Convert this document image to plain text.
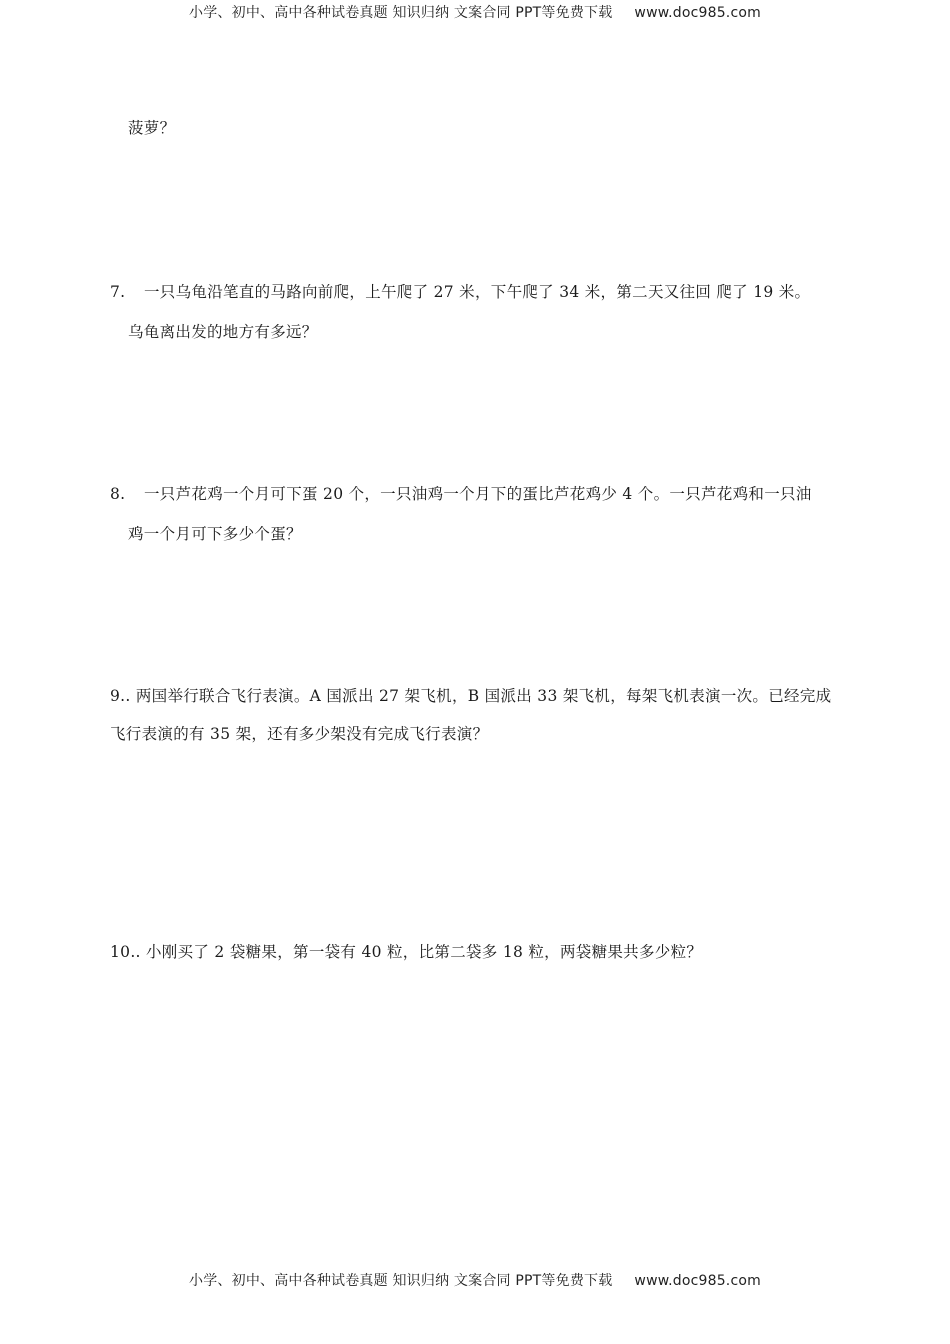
小学、初中、高中各种试卷真题 知识归纳 文案合同 PPT等免费下载 www.doc985.com
菠萝？
7. 一只乌龟沿笔直的马路向前爬，上午爬了 27 米，下午爬了 34 米，第二天又往回 爬了 19 米。
乌龟离出发的地方有多远？
8. 一只芦花鸡一个月可下蛋 20 个，一只油鸡一个月下的蛋比芦花鸡少 4 个。一只芦花鸡和一只油
鸡一个月可下多少个蛋？
9.. 两国举行联合飞行表演。A 国派出 27 架飞机，B 国派出 33 架飞机，每架飞机表演一次。已经完成
飞行表演的有 35 架，还有多少架没有完成飞行表演？
10.. 小刚买了 2 袋糖果，第一袋有 40 粒，比第二袋多 18 粒，两袋糖果共多少粒？
小学、初中、高中各种试卷真题 知识归纳 文案合同 PPT等免费下载 www.doc985.com
